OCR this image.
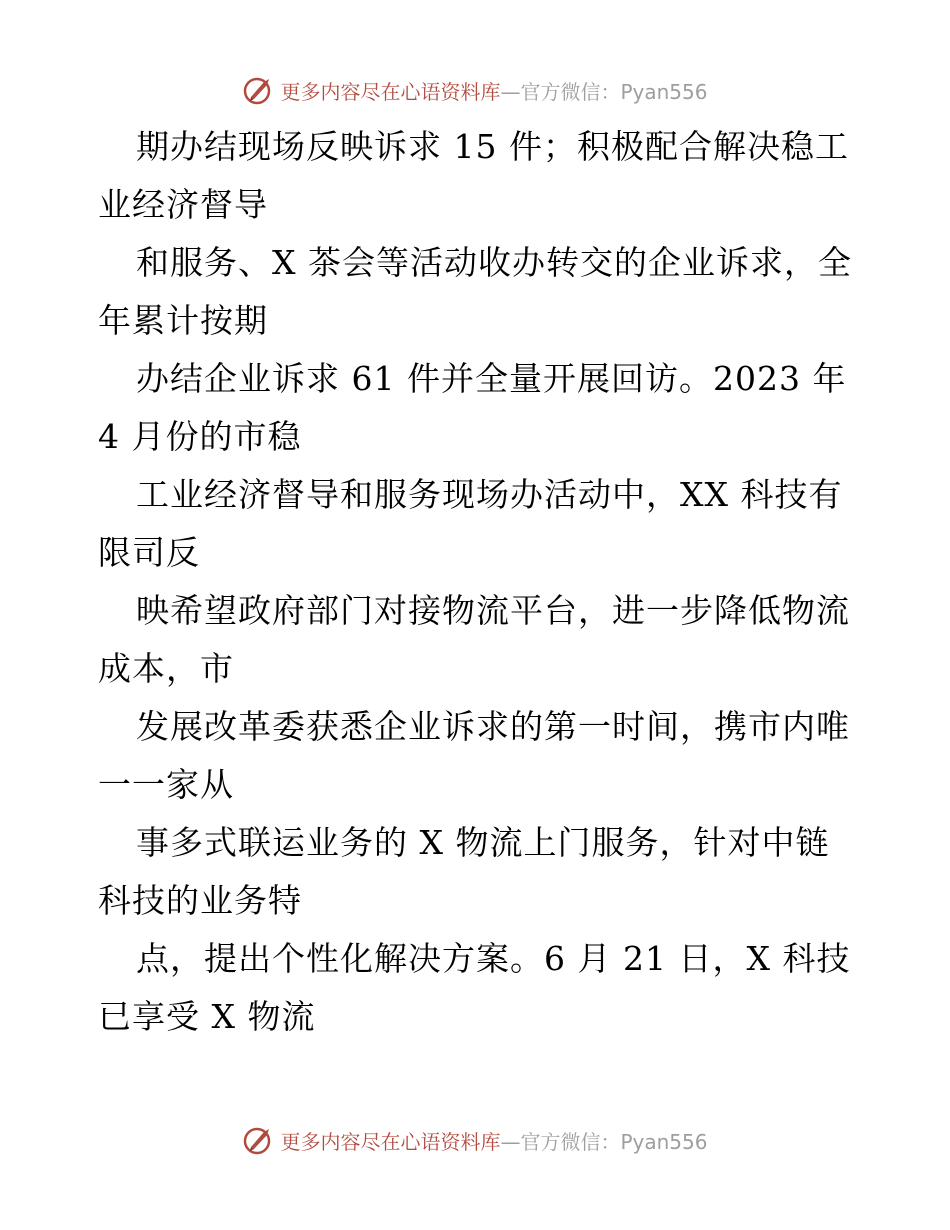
更多内容尽在心语资料库—官方微信：Pyan556
期办结现场反映诉求 15 件；积极配合解决稳工
业经济督导
和服务、X 茶会等活动收办转交的企业诉求，全
年累计按期
办结企业诉求 61 件并全量开展回访。2023 年
4 月份的市稳
工业经济督导和服务现场办活动中，XX 科技有
限司反
映希望政府部门对接物流平台，进一步降低物流
成本，市
发展改革委获悉企业诉求的第一时间，携市内唯
一一家从
事多式联运业务的 X 物流上门服务，针对中链
科技的业务特
点，提出个性化解决方案。6 月 21 日，X 科技
已享受 X 物流
更多内容尽在心语资料库—官方微信：Pyan556
